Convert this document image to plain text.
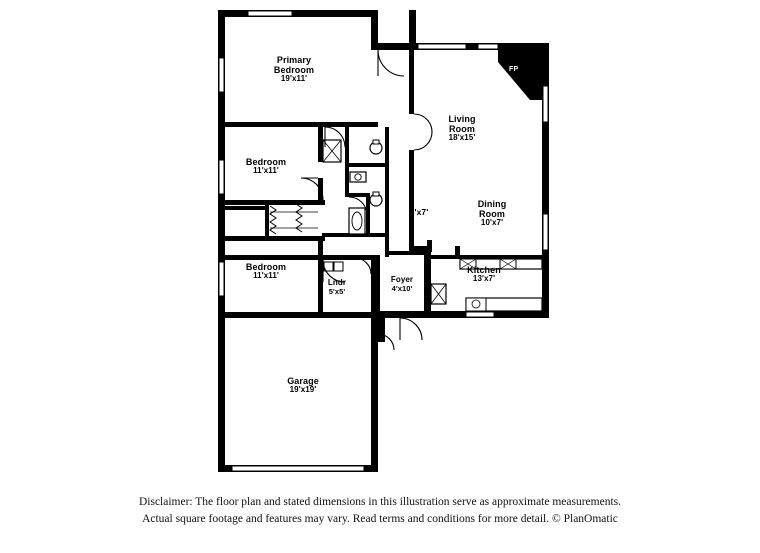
Primary
Bedroom
19'x11'
Living
Room
18'x15'
Bedroom
11'x11'
Dining
Room
10'x7'
8'x7'
Bedroom
11'x11'
Kitchen
13'x7'
Lndr
5'x5'
Foyer
4'x10'
Garage
19'x19'
FP
Disclaimer: The floor plan and stated dimensions in this illustration serve as approximate measurements.
Actual square footage and features may vary. Read terms and conditions for more detail. © PlanOmatic
